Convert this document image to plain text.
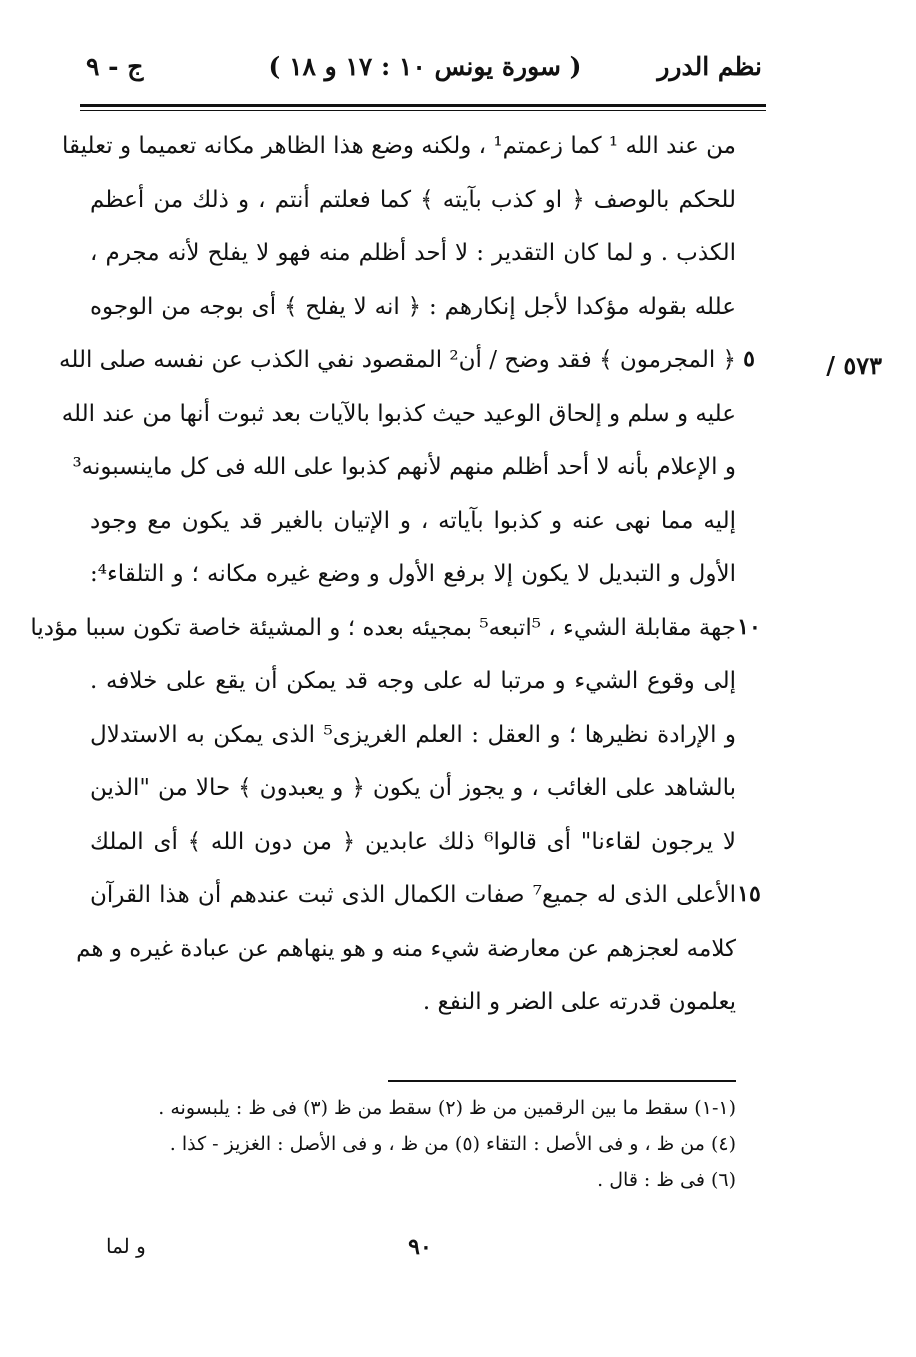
نظم الدرر
( سورة يونس ١٠ : ١٧ و ١٨ )
ج - ٩
٥٧٣ /
٥
١٠
١٥
من عند الله ¹ كما زعمتم¹ ، ولكنه وضع هذا الظاهر مكانه تعميما و تعليقا
للحكم بالوصف ﴿ او كذب بآيته ﴾ كما فعلتم أنتم ، و ذلك من أعظم
الكذب . و لما كان التقدير : لا أحد أظلم منه فهو لا يفلح لأنه مجرم ،
علله بقوله مؤكدا لأجل إنكارهم : ﴿ انه لا يفلح ﴾ أى بوجه من الوجوه
﴿ المجرمون ﴾ فقد وضح / أن² المقصود نفي الكذب عن نفسه صلى الله
عليه و سلم و إلحاق الوعيد حيث كذبوا بالآيات بعد ثبوت أنها من عند الله
و الإعلام بأنه لا أحد أظلم منهم لأنهم كذبوا على الله فى كل ماينسبونه³
إليه مما نهى عنه و كذبوا بآياته ، و الإتيان بالغير قد يكون مع وجود
الأول و التبديل لا يكون إلا برفع الأول و وضع غيره مكانه ؛ و التلقاء⁴:
جهة مقابلة الشيء ، ⁵اتبعه⁵ بمجيئه بعده ؛ و المشيئة خاصة تكون سببا مؤديا
إلى وقوع الشيء و مرتبا له على وجه قد يمكن أن يقع على خلافه .
و الإرادة نظيرها ؛ و العقل : العلم الغريزى⁵ الذى يمكن به الاستدلال
بالشاهد على الغائب ، و يجوز أن يكون ﴿ و يعبدون ﴾ حالا من "الذين
لا يرجون لقاءنا" أى قالوا⁶ ذلك عابدين ﴿ من دون الله ﴾ أى الملك
الأعلى الذى له جميع⁷ صفات الكمال الذى ثبت عندهم أن هذا القرآن
كلامه لعجزهم عن معارضة شيء منه و هو ينهاهم عن عبادة غيره و هم
يعلمون قدرته على الضر و النفع .
(١-١) سقط ما بين الرقمين من ظ (٢) سقط من ظ (٣) فى ظ : يلبسونه .
(٤) من ظ ، و فى الأصل : التقاء (٥) من ظ ، و فى الأصل : الغزيز - كذا .
(٦) فى ظ : قال .
٩٠
و لما
